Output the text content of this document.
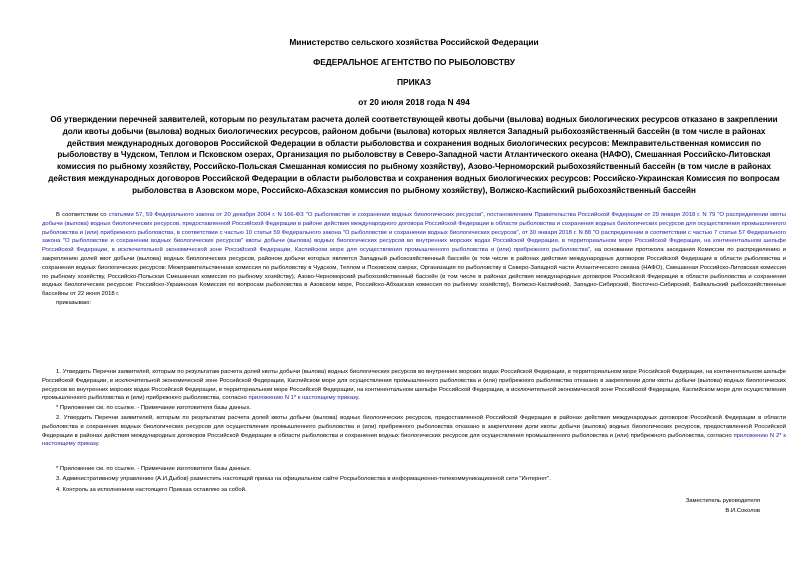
Министерство сельского хозяйства Российской Федерации
ФЕДЕРАЛЬНОЕ АГЕНТСТВО ПО РЫБОЛОВСТВУ
ПРИКАЗ
от 20 июля 2018 года N 494
Об утверждении перечней заявителей, которым по результатам расчета долей соответствующей квоты добычи (вылова) водных биологических ресурсов отказано в закреплении доли квоты добычи (вылова) водных биологических ресурсов, районом добычи (вылова) которых является Западный рыбохозяйственный бассейн (в том числе в районах действия международных договоров Российской Федерации в области рыболовства и сохранения водных биологических ресурсов: Межправительственная комиссия по рыболовству в Чудском, Теплом и Псковском озерах, Организация по рыболовству в Северо-Западной части Атлантического океана (НАФО), Смешанная Российско-Литовская комиссия по рыбному хозяйству, Российско-Польская Смешанная комиссия по рыбному хозяйству), Азово-Черноморский рыбохозяйственный бассейн (в том числе в районах действия международных договоров Российской Федерации в области рыболовства и сохранения водных биологических ресурсов: Российско-Украинская Комиссия по вопросам рыболовства в Азовском море, Российско-Абхазская комиссия по рыбному хозяйству), Волжско-Каспийский рыбохозяйственный бассейн
В соответствии со статьями 57, 59 Федерального закона от 20 декабря 2004 г. N 166-ФЗ "О рыболовстве и сохранении водных биологических ресурсов", постановлением Правительства Российской Федерации от 29 января 2018 г. N 79 "О распределении квоты добычи (вылова) водных биологических ресурсов, предоставленной Российской Федерации в районе действия международного договора Российской Федерации в области рыболовства и сохранения водных биологических ресурсов для осуществления промышленного рыболовства и (или) прибрежного рыболовства, в соответствии с частью 10 статьи 59 Федерального закона "О рыболовстве и сохранении водных биологических ресурсов", от 30 января 2018 г. N 88 "О распределении в соответствии с частью 7 статьи 57 Федерального закона "О рыболовстве и сохранении водных биологических ресурсов" квоты добычи (вылова) водных биологических ресурсов во внутренних морских водах Российской Федерации, в территориальном море Российской Федерации, на континентальном шельфе Российской Федерации, в исключительной экономической зоне Российской Федерации, Каспийском море для осуществления промышленного рыболовства и (или) прибрежного рыболовства", на основании протокола заседания Комиссии по распределению и закреплению долей квот добычи (вылова) водных биологических ресурсов, районом добычи которых является Западный рыбохозяйственный бассейн (в том числе в районах действия международных договоров Российской Федерации в области рыболовства и сохранения водных биологических ресурсов: Межправительственная комиссия по рыболовству в Чудском, Теплом и Псковском озерах, Организация по рыболовству в Северо-Западной части Атлантического океана (НАФО), Смешанная Российско-Литовская комиссия по рыбному хозяйству, Российско-Польская Смешанная комиссия по рыбному хозяйству), Азово-Черноморский рыбохозяйственный бассейн (в том числе в районах действия международных договоров Российской Федерации в области рыболовства и сохранения водных биологических ресурсов: Российско-Украинская Комиссия по вопросам рыболовства в Азовском море, Российско-Абхазская комиссия по рыбному хозяйству), Волжско-Каспийский, Западно-Сибирский, Восточно-Сибирский, Байкальский рыбохозяйственные бассейны от 22 июня 2018 г.
приказываю:
1. Утвердить Перечни заявителей, которым по результатам расчета долей квоты добычи (вылова) водных биологических ресурсов во внутренних морских водах Российской Федерации, в территориальном море Российской Федерации, на континентальном шельфе Российской Федерации, в исключительной экономической зоне Российской Федерации, Каспийском море для осуществления промышленного рыболовства и (или) прибрежного рыболовства отказано в закреплении доли квоты добычи (вылова) водных биологических ресурсов во внутренних морских водах Российской Федерации, в территориальном море Российской Федерации, на континентальном шельфе Российской Федерации, в исключительной экономической зоне Российской Федерации, Каспийском море для осуществления промышленного рыболовства и (или) прибрежного рыболовства, согласно приложению N 1* к настоящему приказу.
* Приложение см. по ссылке. - Примечание изготовителя базы данных.
2. Утвердить Перечни заявителей, которым по результатам расчета долей квоты добычи (вылова) водных биологических ресурсов, предоставленной Российской Федерации в районах действия международных договоров Российской Федерации в области рыболовства и сохранения водных биологических ресурсов для осуществления промышленного рыболовства и (или) прибрежного рыболовства отказано в закреплении доли квоты добычи (вылова) водных биологических ресурсов, предоставленной Российской Федерации в районах действия международных договоров Российской Федерации в области рыболовства и сохранения водных биологических ресурсов для осуществления промышленного рыболовства и (или) прибрежного рыболовства, согласно приложению N 2* к настоящему приказу.
* Приложение см. по ссылке. - Примечание изготовителя базы данных.
3. Административному управлению (А.И.Дыбов) разместить настоящий приказ на официальном сайте Росрыболовства в информационно-телекоммуникационной сети "Интернет".
4. Контроль за исполнением настоящего Приказа оставляю за собой.
Заместитель руководителя
В.И.Соколов
